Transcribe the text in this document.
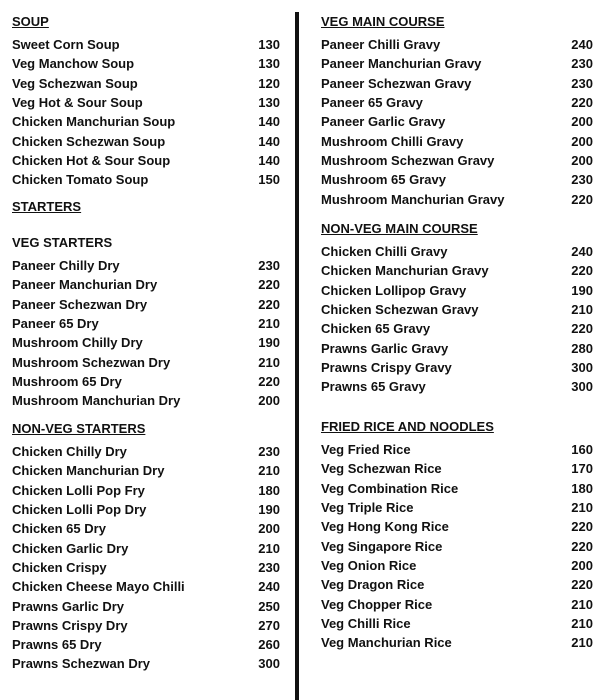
SOUP
Sweet Corn Soup	130
Veg Manchow Soup	130
Veg Schezwan Soup	120
Veg Hot & Sour Soup	130
Chicken Manchurian Soup	140
Chicken Schezwan Soup	140
Chicken Hot & Sour Soup	140
Chicken Tomato Soup	150
STARTERS
VEG STARTERS
Paneer Chilly Dry	230
Paneer Manchurian Dry	220
Paneer Schezwan Dry	220
Paneer 65 Dry	210
Mushroom Chilly Dry	190
Mushroom Schezwan Dry	210
Mushroom 65 Dry	220
Mushroom Manchurian Dry	200
NON-VEG STARTERS
Chicken Chilly Dry	230
Chicken Manchurian Dry	210
Chicken Lolli Pop Fry	180
Chicken Lolli Pop Dry	190
Chicken 65 Dry	200
Chicken Garlic Dry	210
Chicken Crispy	230
Chicken Cheese Mayo Chilli	240
Prawns Garlic Dry	250
Prawns Crispy Dry	270
Prawns 65 Dry	260
Prawns Schezwan Dry	300
VEG MAIN COURSE
Paneer Chilli Gravy	240
Paneer Manchurian Gravy	230
Paneer Schezwan Gravy	230
Paneer 65 Gravy	220
Paneer Garlic Gravy	200
Mushroom Chilli Gravy	200
Mushroom Schezwan Gravy	200
Mushroom 65 Gravy	230
Mushroom Manchurian Gravy	220
NON-VEG MAIN COURSE
Chicken Chilli Gravy	240
Chicken Manchurian Gravy	220
Chicken Lollipop Gravy	190
Chicken Schezwan Gravy	210
Chicken 65 Gravy	220
Prawns Garlic Gravy	280
Prawns Crispy Gravy	300
Prawns 65 Gravy	300
FRIED RICE AND NOODLES
Veg Fried Rice	160
Veg Schezwan Rice	170
Veg Combination Rice	180
Veg Triple Rice	210
Veg Hong Kong Rice	220
Veg Singapore Rice	220
Veg Onion Rice	200
Veg Dragon Rice	220
Veg Chopper Rice	210
Veg Chilli Rice	210
Veg Manchurian Rice	210
